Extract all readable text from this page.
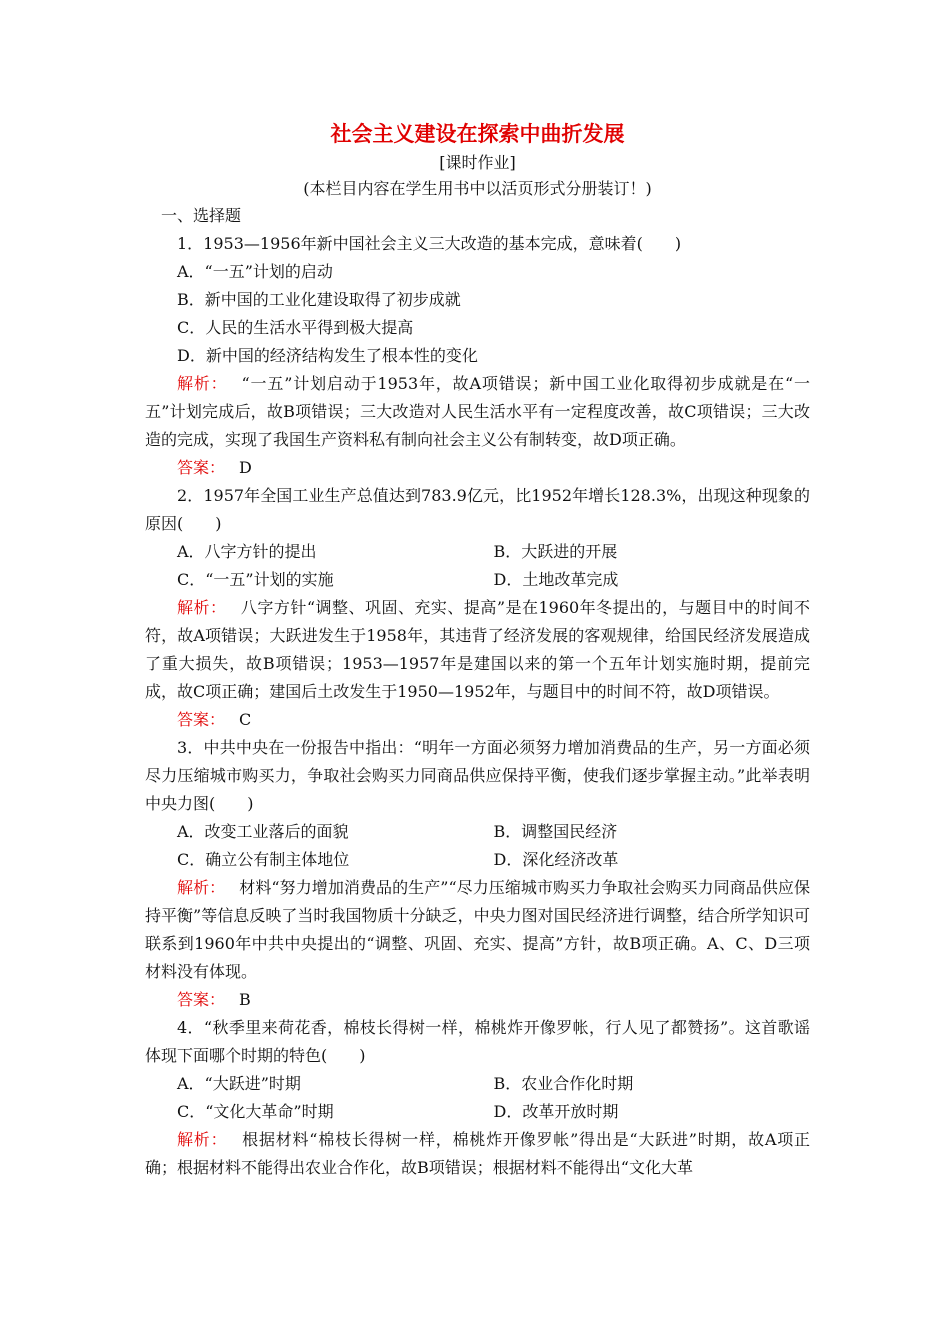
社会主义建设在探索中曲折发展
[课时作业]
(本栏目内容在学生用书中以活页形式分册装订！)
一、选择题
1．1953—1956年新中国社会主义三大改造的基本完成，意味着(　　)
A．“一五”计划的启动
B．新中国的工业化建设取得了初步成就
C．人民的生活水平得到极大提高
D．新中国的经济结构发生了根本性的变化
解析： “一五”计划启动于1953年，故A项错误；新中国工业化取得初步成就是在“一五”计划完成后，故B项错误；三大改造对人民生活水平有一定程度改善，故C项错误；三大改造的完成，实现了我国生产资料私有制向社会主义公有制转变，故D项正确。
答案： D
2．1957年全国工业生产总值达到783.9亿元，比1952年增长128.3%，出现这种现象的原因(　　)
A．八字方针的提出	B．大跃进的开展
C．“一五”计划的实施	D．土地改革完成
解析： 八字方针“调整、巩固、充实、提高”是在1960年冬提出的，与题目中的时间不符，故A项错误；大跃进发生于1958年，其违背了经济发展的客观规律，给国民经济发展造成了重大损失，故B项错误；1953—1957年是建国以来的第一个五年计划实施时期，提前完成，故C项正确；建国后土改发生于1950—1952年，与题目中的时间不符，故D项错误。
答案： C
3．中共中央在一份报告中指出：“明年一方面必须努力增加消费品的生产，另一方面必须尽力压缩城市购买力，争取社会购买力同商品供应保持平衡，使我们逐步掌握主动。”此举表明中央力图(　　)
A．改变工业落后的面貌	B．调整国民经济
C．确立公有制主体地位	D．深化经济改革
解析： 材料“努力增加消费品的生产”“尽力压缩城市购买力争取社会购买力同商品供应保持平衡”等信息反映了当时我国物质十分缺乏，中央力图对国民经济进行调整，结合所学知识可联系到1960年中共中央提出的“调整、巩固、充实、提高”方针，故B项正确。A、C、D三项材料没有体现。
答案： B
4．“秋季里来荷花香，棉枝长得树一样，棉桃炸开像罗帐，行人见了都赞扬”。这首歌谣体现下面哪个时期的特色(　　)
A．“大跃进”时期	B．农业合作化时期
C．“文化大革命”时期	D．改革开放时期
解析： 根据材料“棉枝长得树一样，棉桃炸开像罗帐”得出是“大跃进”时期，故A项正确；根据材料不能得出农业合作化，故B项错误；根据材料不能得出“文化大革
